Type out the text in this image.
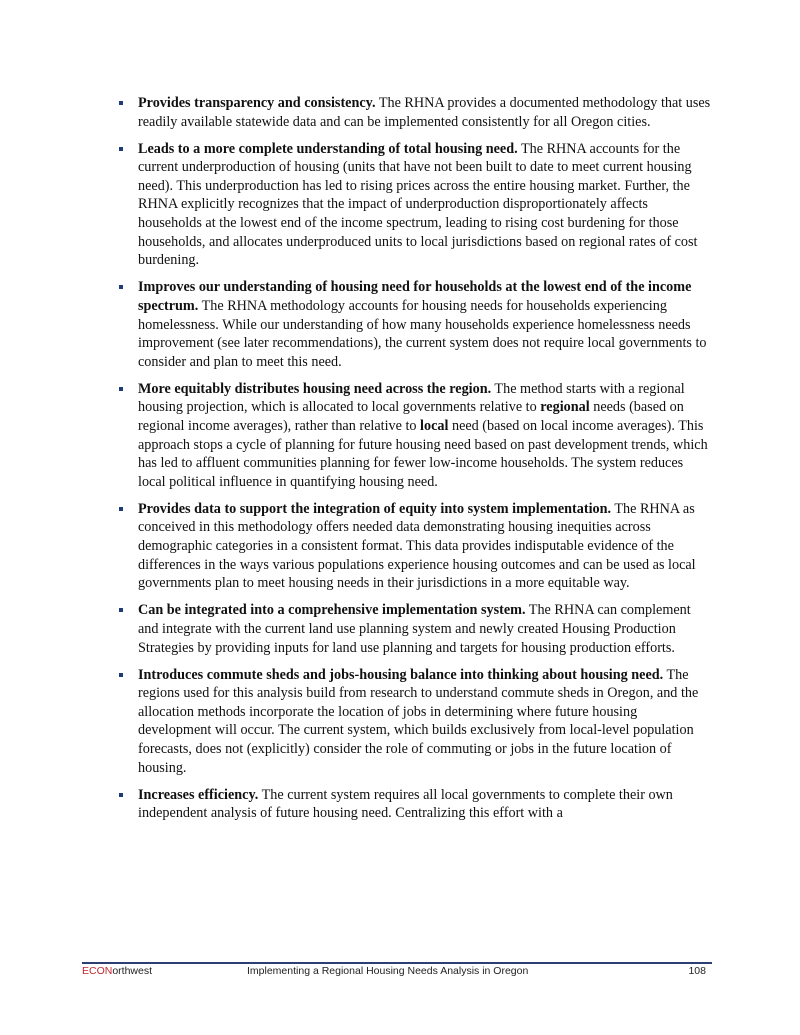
Provides transparency and consistency. The RHNA provides a documented methodology that uses readily available statewide data and can be implemented consistently for all Oregon cities.
Leads to a more complete understanding of total housing need. The RHNA accounts for the current underproduction of housing (units that have not been built to date to meet current housing need). This underproduction has led to rising prices across the entire housing market. Further, the RHNA explicitly recognizes that the impact of underproduction disproportionately affects households at the lowest end of the income spectrum, leading to rising cost burdening for those households, and allocates underproduced units to local jurisdictions based on regional rates of cost burdening.
Improves our understanding of housing need for households at the lowest end of the income spectrum. The RHNA methodology accounts for housing needs for households experiencing homelessness. While our understanding of how many households experience homelessness needs improvement (see later recommendations), the current system does not require local governments to consider and plan to meet this need.
More equitably distributes housing need across the region. The method starts with a regional housing projection, which is allocated to local governments relative to regional needs (based on regional income averages), rather than relative to local need (based on local income averages). This approach stops a cycle of planning for future housing need based on past development trends, which has led to affluent communities planning for fewer low-income households. The system reduces local political influence in quantifying housing need.
Provides data to support the integration of equity into system implementation. The RHNA as conceived in this methodology offers needed data demonstrating housing inequities across demographic categories in a consistent format. This data provides indisputable evidence of the differences in the ways various populations experience housing outcomes and can be used as local governments plan to meet housing needs in their jurisdictions in a more equitable way.
Can be integrated into a comprehensive implementation system. The RHNA can complement and integrate with the current land use planning system and newly created Housing Production Strategies by providing inputs for land use planning and targets for housing production efforts.
Introduces commute sheds and jobs-housing balance into thinking about housing need. The regions used for this analysis build from research to understand commute sheds in Oregon, and the allocation methods incorporate the location of jobs in determining where future housing development will occur. The current system, which builds exclusively from local-level population forecasts, does not (explicitly) consider the role of commuting or jobs in the future location of housing.
Increases efficiency. The current system requires all local governments to complete their own independent analysis of future housing need. Centralizing this effort with a
ECONorthwest	Implementing a Regional Housing Needs Analysis in Oregon	108
